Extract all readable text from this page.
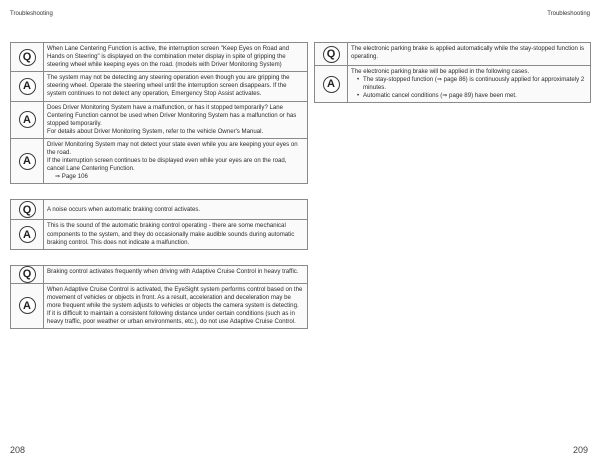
Troubleshooting	Troubleshooting
Q

When Lane Centering Function is active, the interruption screen "Keep Eyes on Road and Hands on Steering" is displayed on the combination meter display in spite of gripping the steering wheel while keeping eyes on the road. (models with Driver Monitoring System)

A

The system may not be detecting any steering operation even though you are gripping the steering wheel. Operate the steering wheel until the interruption screen disappears. If the system continues to not detect any operation, Emergency Stop Assist activates.

A

Does Driver Monitoring System have a malfunction, or has it stopped temporarily? Lane Centering Function cannot be used when Driver Monitoring System has a malfunction or has stopped temporarily.

For details about Driver Monitoring System, refer to the vehicle Owner's Manual.

A

Driver Monitoring System may not detect your state even while you are keeping your eyes on the road.

If the interruption screen continues to be displayed even while your eyes are on the road, cancel Lane Centering Function.

⇒ Page 106

Q	A noise occurs when automatic braking control activates.

A

This is the sound of the automatic braking control operating - there are some mechanical components to the system, and they do occasionally make audible sounds during automatic braking control. This does not indicate a malfunction.

Q	Braking control activates frequently when driving with Adaptive Cruise Control in heavy traffic.

A

When Adaptive Cruise Control is activated, the EyeSight system performs control based on the movement of vehicles or objects in front. As a result, acceleration and deceleration may be more frequent while the system adjusts to vehicles or objects the camera system is detecting. If it is difficult to maintain a consistent following distance under certain conditions (such as in heavy traffic, poor weather or urban environments, etc.), do not use Adaptive Cruise Control.

Q	The electronic parking brake is applied automatically while the stay-stopped function is operating.

A

The electronic parking brake will be applied in the following cases.

• The stay-stopped function (⇒ page 86) is continuously applied for approximately 2 minutes.
• Automatic cancel conditions (⇒ page 89) have been met.
208	209
